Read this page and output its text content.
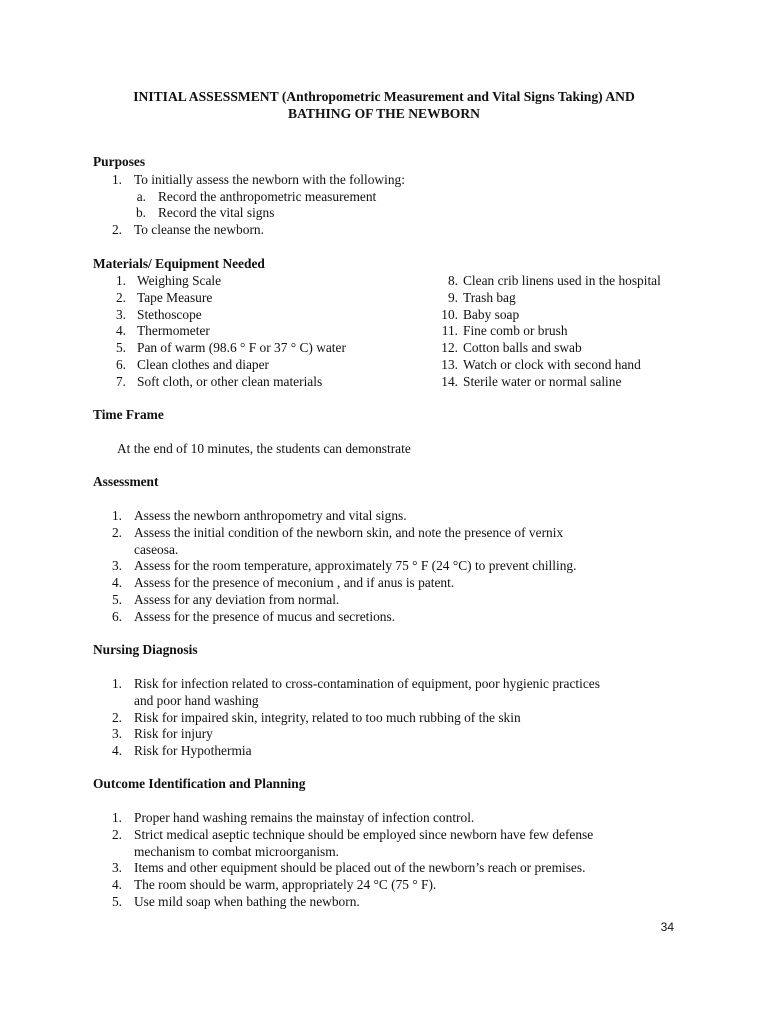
INITIAL ASSESSMENT (Anthropometric Measurement and Vital Signs Taking) AND
BATHING OF THE NEWBORN
Purposes
1. To initially assess the newborn with the following:
a. Record the anthropometric measurement
b. Record the vital signs
2. To cleanse the newborn.
Materials/ Equipment Needed
1. Weighing Scale
2. Tape Measure
3. Stethoscope
4. Thermometer
5. Pan of warm (98.6 ° F or 37 ° C) water
6. Clean clothes and diaper
7. Soft cloth, or other clean materials
8. Clean crib linens used in the hospital
9. Trash bag
10. Baby soap
11. Fine comb or brush
12. Cotton balls and swab
13. Watch or clock with second hand
14. Sterile water or normal saline
Time Frame
At the end of 10 minutes, the students can demonstrate
Assessment
1. Assess the newborn anthropometry and vital signs.
2. Assess the initial condition of the newborn skin, and note the presence of vernix
caseosa.
3. Assess for the room temperature, approximately 75 ° F (24 °C) to prevent chilling.
4. Assess for the presence of meconium , and if anus is patent.
5. Assess for any deviation from normal.
6. Assess for the presence of mucus and secretions.
Nursing Diagnosis
1. Risk for infection related to cross-contamination of equipment, poor hygienic practices
and poor hand washing
2. Risk for impaired skin, integrity, related to too much rubbing of the skin
3. Risk for injury
4. Risk for Hypothermia
Outcome Identification and Planning
1. Proper hand washing remains the mainstay of infection control.
2. Strict medical aseptic technique should be employed since newborn have few defense
mechanism to combat microorganism.
3. Items and other equipment should be placed out of the newborn’s reach or premises.
4. The room should be warm, appropriately 24 °C (75 ° F).
5. Use mild soap when bathing the newborn.
34
